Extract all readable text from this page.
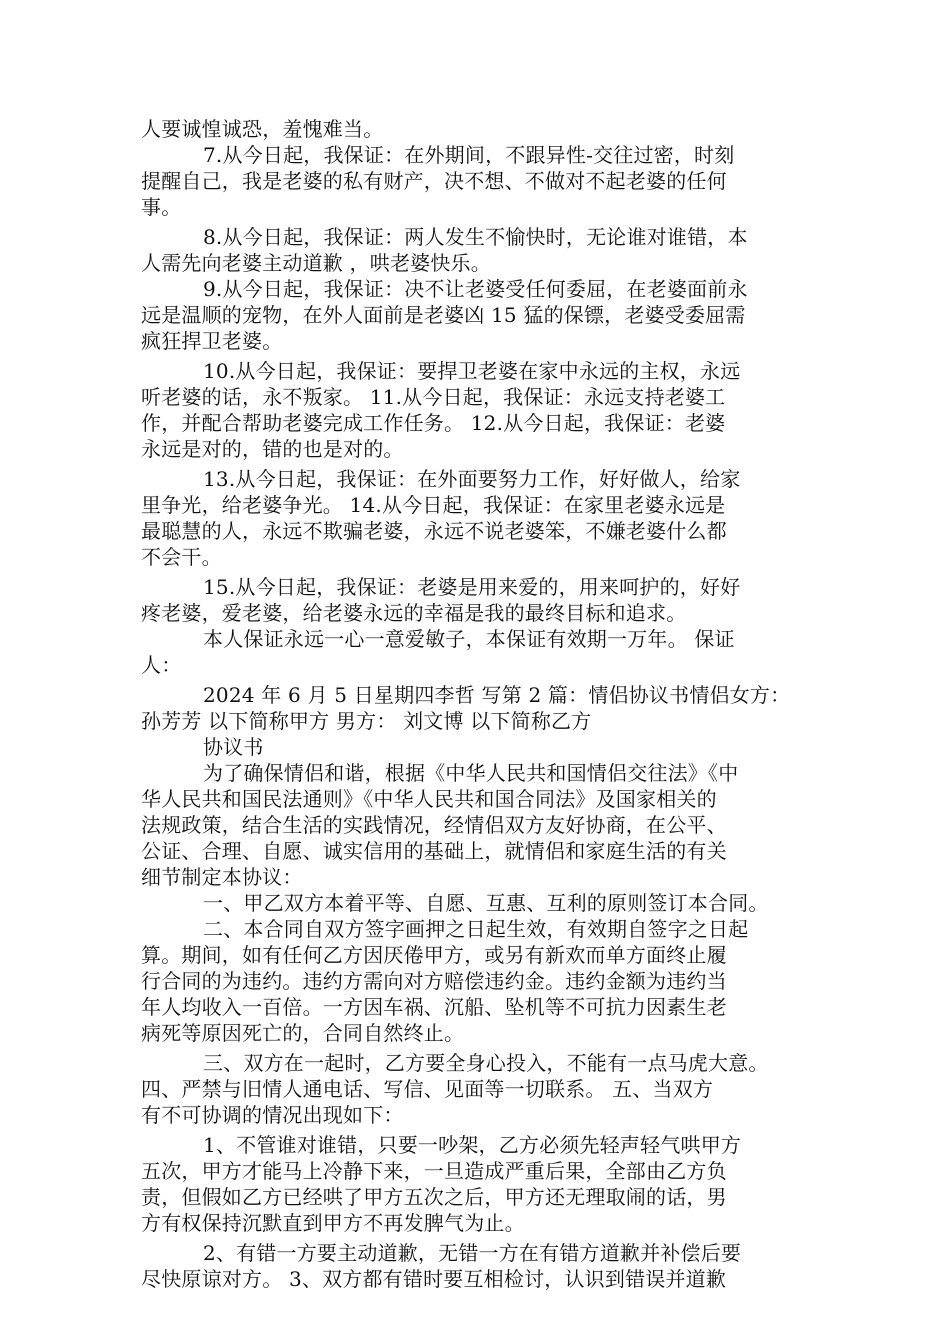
人要诚惶诚恐，羞愧难当。
7.从今日起，我保证：在外期间，不跟异性-交往过密，时刻
提醒自己，我是老婆的私有财产，决不想、不做对不起老婆的任何
事。
8.从今日起，我保证：两人发生不愉快时，无论谁对谁错，本
人需先向老婆主动道歉 ，哄老婆快乐。
9.从今日起，我保证：决不让老婆受任何委屈，在老婆面前永
远是温顺的宠物，在外人面前是老婆凶 15 猛的保镖，老婆受委屈需
疯狂捍卫老婆。
10.从今日起，我保证：要捍卫老婆在家中永远的主权，永远
听老婆的话，永不叛家。 11.从今日起，我保证：永远支持老婆工
作，并配合帮助老婆完成工作任务。 12.从今日起，我保证：老婆
永远是对的，错的也是对的。
13.从今日起，我保证：在外面要努力工作，好好做人，给家
里争光，给老婆争光。 14.从今日起，我保证：在家里老婆永远是
最聪慧的人，永远不欺骗老婆，永远不说老婆笨，不嫌老婆什么都
不会干。
15.从今日起，我保证：老婆是用来爱的，用来呵护的，好好
疼老婆，爱老婆，给老婆永远的幸福是我的最终目标和追求。
本人保证永远一心一意爱敏子，本保证有效期一万年。 保证
人：
2024 年 6 月 5 日星期四李哲 写第 2 篇：情侣协议书情侣女方：
孙芳芳 以下简称甲方 男方： 刘文博 以下简称乙方
协议书
为了确保情侣和谐，根据《中华人民共和国情侣交往法》《中
华人民共和国民法通则》《中华人民共和国合同法》及国家相关的
法规政策，结合生活的实践情况，经情侣双方友好协商，在公平、
公证、合理、自愿、诚实信用的基础上，就情侣和家庭生活的有关
细节制定本协议：
一、甲乙双方本着平等、自愿、互惠、互利的原则签订本合同。
二、本合同自双方签字画押之日起生效，有效期自签字之日起
算。期间，如有任何乙方因厌倦甲方，或另有新欢而单方面终止履
行合同的为违约。违约方需向对方赔偿违约金。违约金额为违约当
年人均收入一百倍。一方因车祸、沉船、坠机等不可抗力因素生老
病死等原因死亡的，合同自然终止。
三、双方在一起时，乙方要全身心投入，不能有一点马虎大意。
四、严禁与旧情人通电话、写信、见面等一切联系。 五、当双方
有不可协调的情况出现如下：
1、不管谁对谁错，只要一吵架，乙方必须先轻声轻气哄甲方
五次，甲方才能马上冷静下来，一旦造成严重后果，全部由乙方负
责，但假如乙方已经哄了甲方五次之后，甲方还无理取闹的话，男
方有权保持沉默直到甲方不再发脾气为止。
2、有错一方要主动道歉，无错一方在有错方道歉并补偿后要
尽快原谅对方。 3、双方都有错时要互相检讨，认识到错误并道歉
